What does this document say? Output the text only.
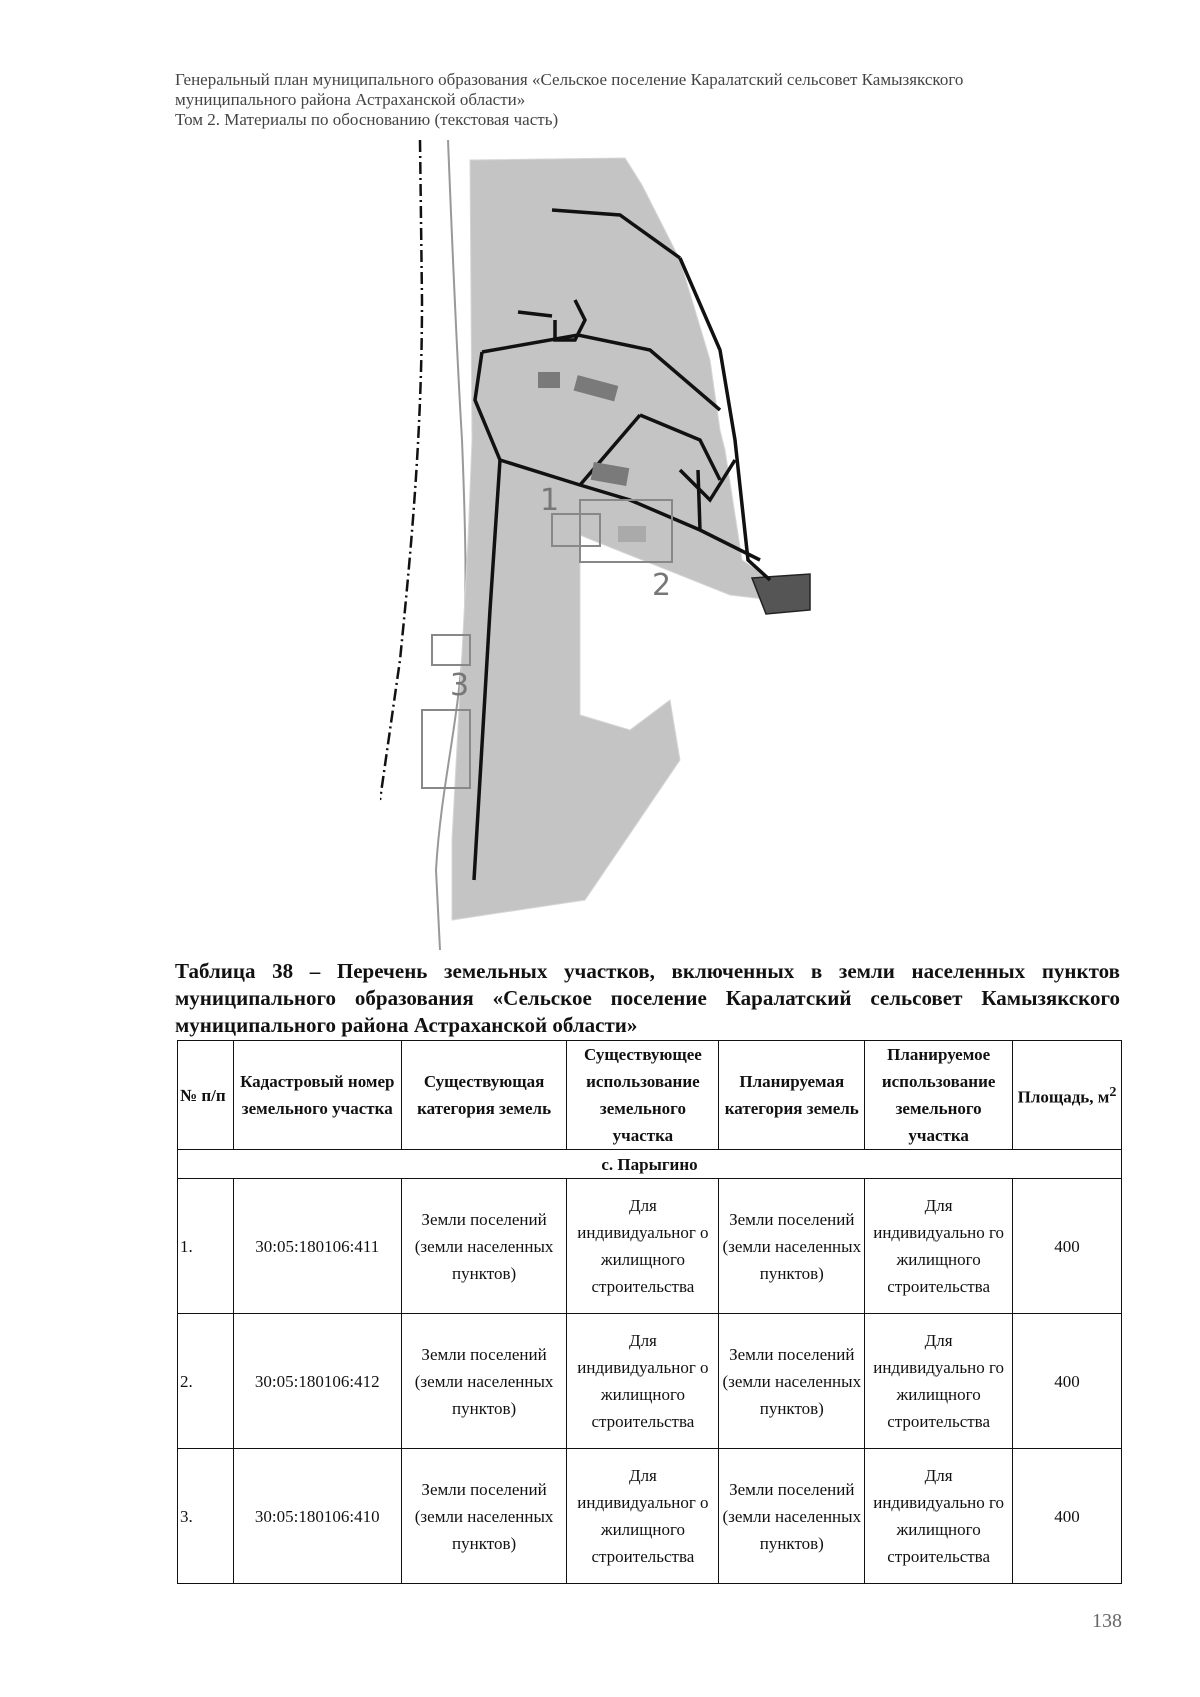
Генеральный план муниципального образования «Сельское поселение Каралатский сельсовет Камызякского
муниципального района Астраханской области»
Том 2. Материалы по обоснованию (текстовая часть)
1
2
3
Таблица 38 – Перечень земельных участков, включенных в земли населенных пунктов муниципального образования «Сельское поселение Каралатский сельсовет Камызякского муниципального района Астраханской области»
№ п/п	Кадастровый номер земельного участка	Существующая категория земель	Существующее использование земельного участка	Планируемая категория земель	Планируемое использование земельного участка	Площадь, $м^2$
с. Парыгино						
1.	30:05:180106:411	Земли поселений (земли населенных пунктов)	Для индивидуальног о жилищного строительства	Земли поселений (земли населенных пунктов)	Для индивидуально го жилищного строительства	400
2.	30:05:180106:412	Земли поселений (земли населенных пунктов)	Для индивидуальног о жилищного строительства	Земли поселений (земли населенных пунктов)	Для индивидуально го жилищного строительства	400
3.	30:05:180106:410	Земли поселений (земли населенных пунктов)	Для индивидуальног о жилищного строительства	Земли поселений (земли населенных пунктов)	Для индивидуально го жилищного строительства	400
138
